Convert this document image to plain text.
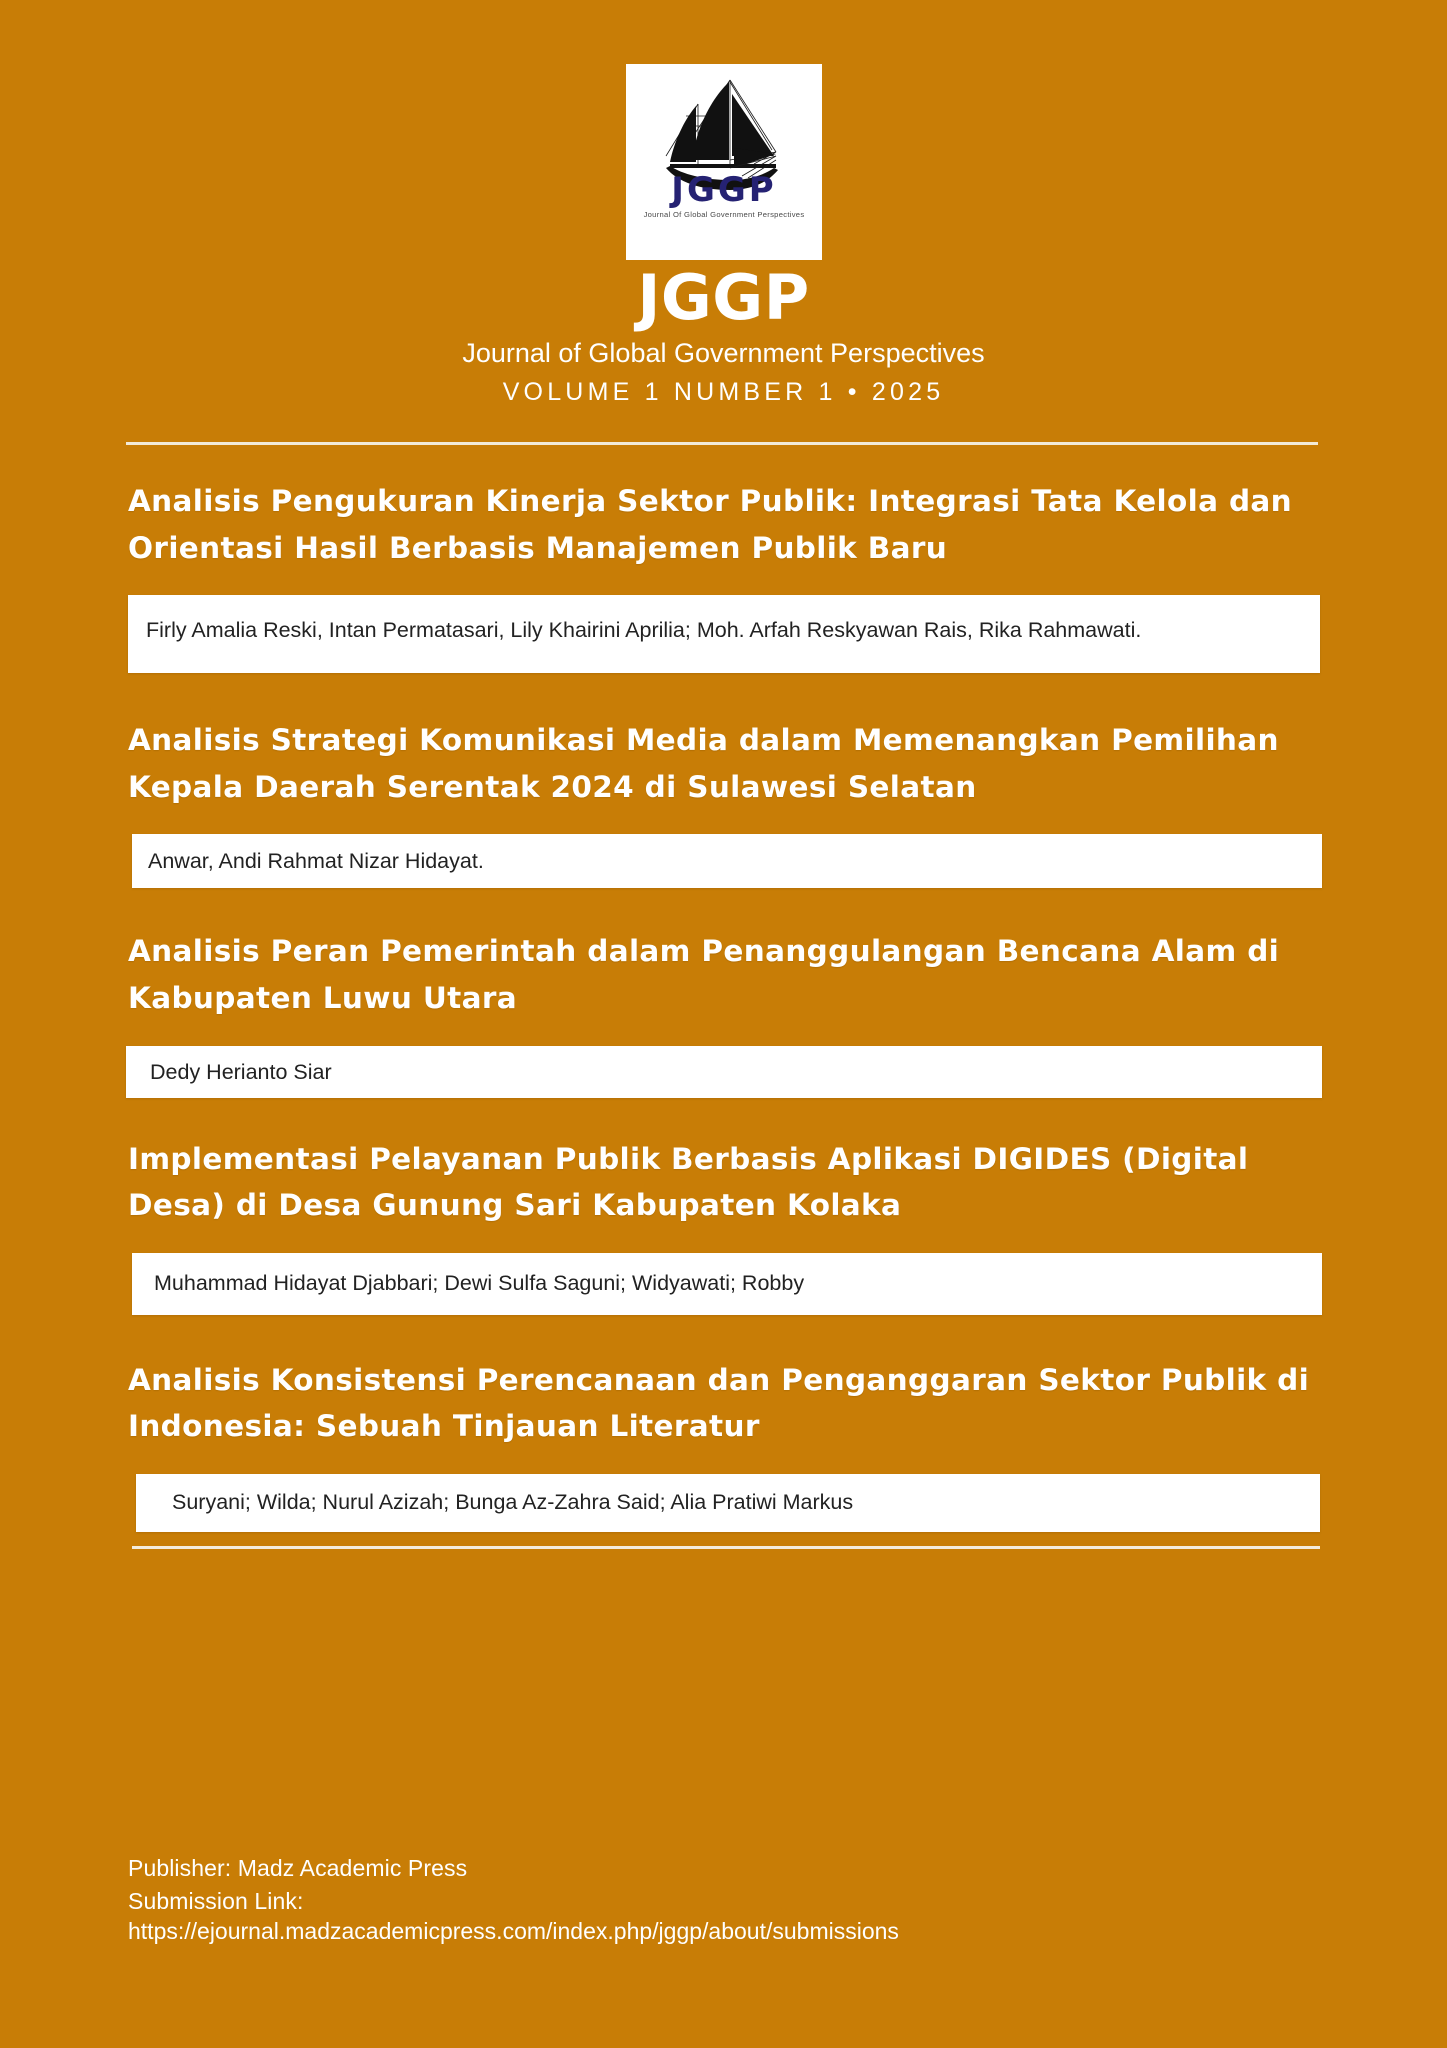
JGGP
Journal Of Global Government Perspectives
JGGP
Journal of Global Government Perspectives
VOLUME 1 NUMBER 1 • 2025
Analisis Pengukuran Kinerja Sektor Publik: Integrasi Tata Kelola dan Orientasi Hasil Berbasis Manajemen Publik Baru
Firly Amalia Reski, Intan Permatasari, Lily Khairini Aprilia; Moh. Arfah Reskyawan Rais, Rika Rahmawati.
Analisis Strategi Komunikasi Media dalam Memenangkan Pemilihan Kepala Daerah Serentak 2024 di Sulawesi Selatan
Anwar, Andi Rahmat Nizar Hidayat.
Analisis Peran Pemerintah dalam Penanggulangan Bencana Alam di Kabupaten Luwu Utara
Dedy Herianto Siar
Implementasi Pelayanan Publik Berbasis Aplikasi DIGIDES (Digital Desa) di Desa Gunung Sari Kabupaten Kolaka
Muhammad Hidayat Djabbari; Dewi Sulfa Saguni; Widyawati; Robby
Analisis Konsistensi Perencanaan dan Penganggaran Sektor Publik di Indonesia: Sebuah Tinjauan Literatur
Suryani; Wilda; Nurul Azizah; Bunga Az-Zahra Said; Alia Pratiwi Markus
Publisher: Madz Academic Press
Submission Link:
https://ejournal.madzacademicpress.com/index.php/jggp/about/submissions
